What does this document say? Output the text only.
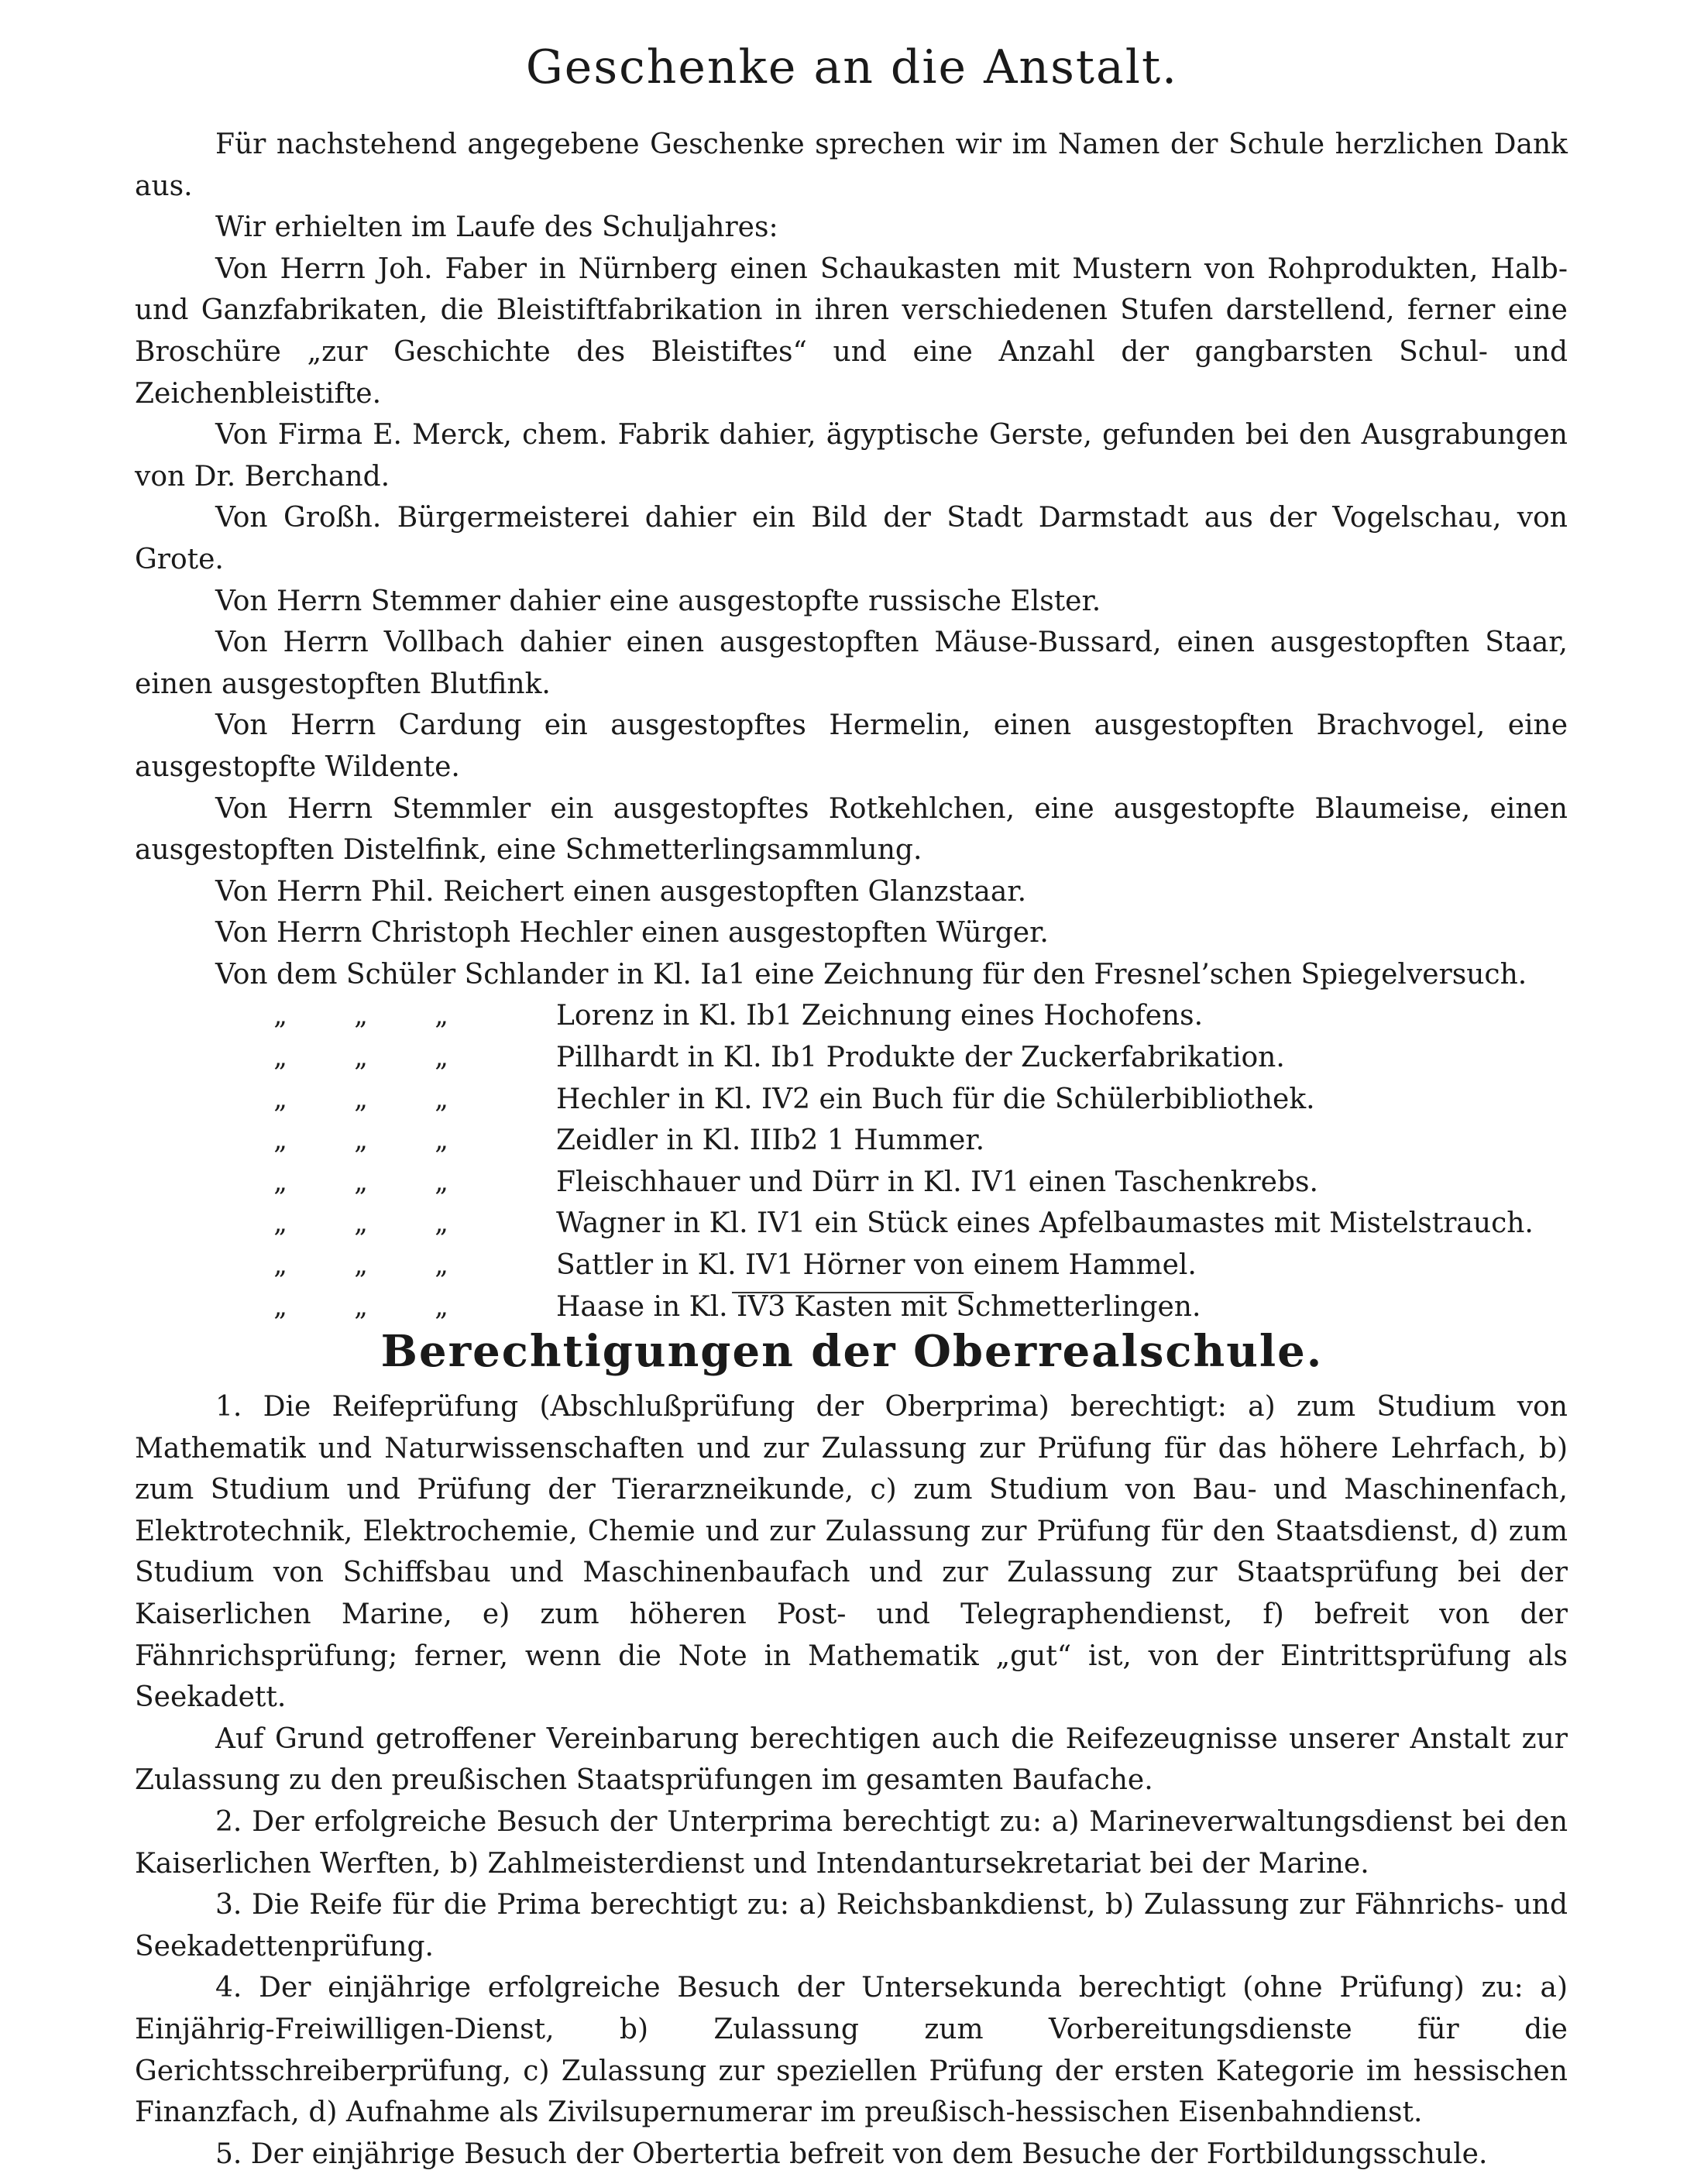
Geschenke an die Anstalt.

Für nachstehend angegebene Geschenke sprechen wir im Namen der Schule herzlichen Dank aus.

Wir erhielten im Laufe des Schuljahres:

Von Herrn Joh. Faber in Nürnberg einen Schaukasten mit Mustern von Rohprodukten, Halb- und Ganzfabrikaten, die Bleistiftfabrikation in ihren verschiedenen Stufen darstellend, ferner eine Broschüre „zur Geschichte des Bleistiftes“ und eine Anzahl der gangbarsten Schul- und Zeichenbleistifte.

Von Firma E. Merck, chem. Fabrik dahier, ägyptische Gerste, gefunden bei den Ausgrabungen von Dr. Berchand.

Von Großh. Bürgermeisterei dahier ein Bild der Stadt Darmstadt aus der Vogelschau, von Grote.

Von Herrn Stemmer dahier eine ausgestopfte russische Elster.

Von Herrn Vollbach dahier einen ausgestopften Mäuse-Bussard, einen ausgestopften Staar, einen ausgestopften Blutfink.

Von Herrn Cardung ein ausgestopftes Hermelin, einen ausgestopften Brachvogel, eine ausgestopfte Wildente.

Von Herrn Stemmler ein ausgestopftes Rotkehlchen, eine ausgestopfte Blaumeise, einen ausgestopften Distelfink, eine Schmetterlingsammlung.

Von Herrn Phil. Reichert einen ausgestopften Glanzstaar.

Von Herrn Christoph Hechler einen ausgestopften Würger.

Von dem Schüler Schlander in Kl. Ia1 eine Zeichnung für den Fresnel’schen Spiegelversuch.

„	„	„	Lorenz in Kl. Ib1 Zeichnung eines Hochofens.
„	„	„	Pillhardt in Kl. Ib1 Produkte der Zuckerfabrikation.
„	„	„	Hechler in Kl. IV2 ein Buch für die Schülerbibliothek.
„	„	„	Zeidler in Kl. IIIb2 1 Hummer.
„	„	„	Fleischhauer und Dürr in Kl. IV1 einen Taschenkrebs.
„	„	„	Wagner in Kl. IV1 ein Stück eines Apfelbaumastes mit Mistelstrauch.
„	„	„	Sattler in Kl. IV1 Hörner von einem Hammel.
„	„	„	Haase in Kl. IV3 Kasten mit Schmetterlingen.
Berechtigungen der Oberrealschule.

1. Die Reifeprüfung (Abschlußprüfung der Oberprima) berechtigt: a) zum Studium von Mathematik und Naturwissenschaften und zur Zulassung zur Prüfung für das höhere Lehrfach, b) zum Studium und Prüfung der Tierarzneikunde, c) zum Studium von Bau- und Maschinenfach, Elektrotechnik, Elektrochemie, Chemie und zur Zulassung zur Prüfung für den Staatsdienst, d) zum Studium von Schiffsbau und Maschinenbaufach und zur Zulassung zur Staatsprüfung bei der Kaiserlichen Marine, e) zum höheren Post- und Telegraphendienst, f) befreit von der Fähnrichsprüfung; ferner, wenn die Note in Mathematik „gut“ ist, von der Eintrittsprüfung als Seekadett.

Auf Grund getroffener Vereinbarung berechtigen auch die Reifezeugnisse unserer Anstalt zur Zulassung zu den preußischen Staatsprüfungen im gesamten Baufache.

2. Der erfolgreiche Besuch der Unterprima berechtigt zu: a) Marineverwaltungsdienst bei den Kaiserlichen Werften, b) Zahlmeisterdienst und Intendantursekretariat bei der Marine.

3. Die Reife für die Prima berechtigt zu: a) Reichsbankdienst, b) Zulassung zur Fähnrichs- und Seekadettenprüfung.

4. Der einjährige erfolgreiche Besuch der Untersekunda berechtigt (ohne Prüfung) zu: a) Einjährig-Freiwilligen-Dienst, b) Zulassung zum Vorbereitungsdienste für die Gerichtsschreiberprüfung, c) Zulassung zur speziellen Prüfung der ersten Kategorie im hessischen Finanzfach, d) Aufnahme als Zivilsupernumerar im preußisch-hessischen Eisenbahndienst.

5. Der einjährige Besuch der Obertertia befreit von dem Besuche der Fortbildungsschule.
